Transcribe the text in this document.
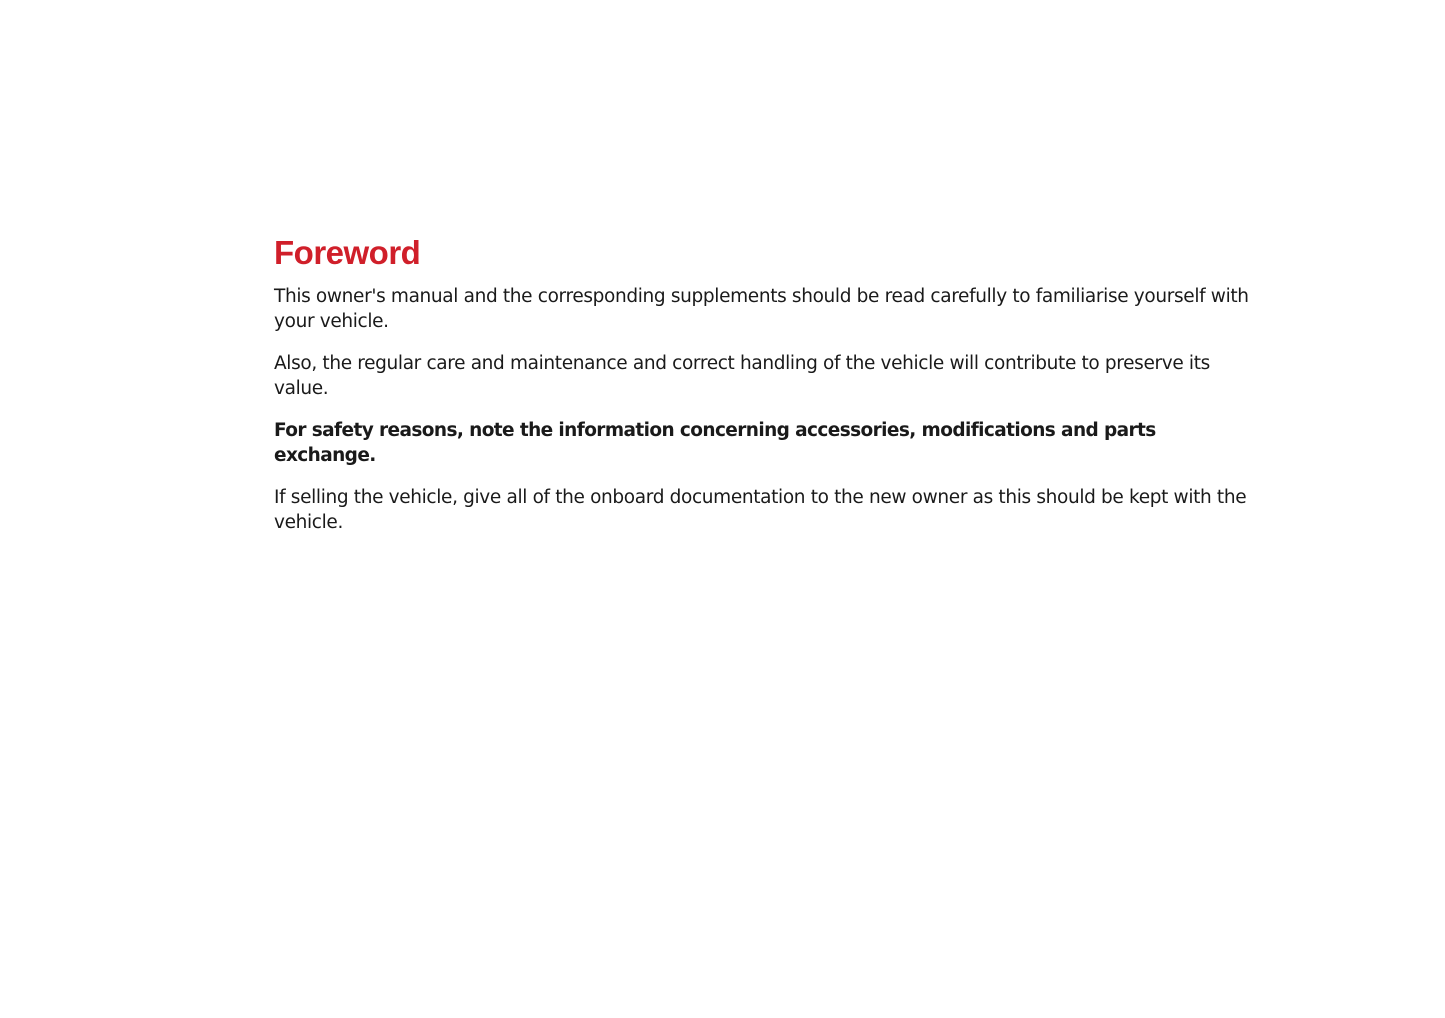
Foreword

This owner's manual and the corresponding supplements should be read carefully to familiarise yourself with your vehicle.

Also, the regular care and maintenance and correct handling of the vehicle will contribute to preserve its value.

For safety reasons, note the information concerning accessories, modifications and parts exchange.

If selling the vehicle, give all of the onboard documentation to the new owner as this should be kept with the vehicle.
